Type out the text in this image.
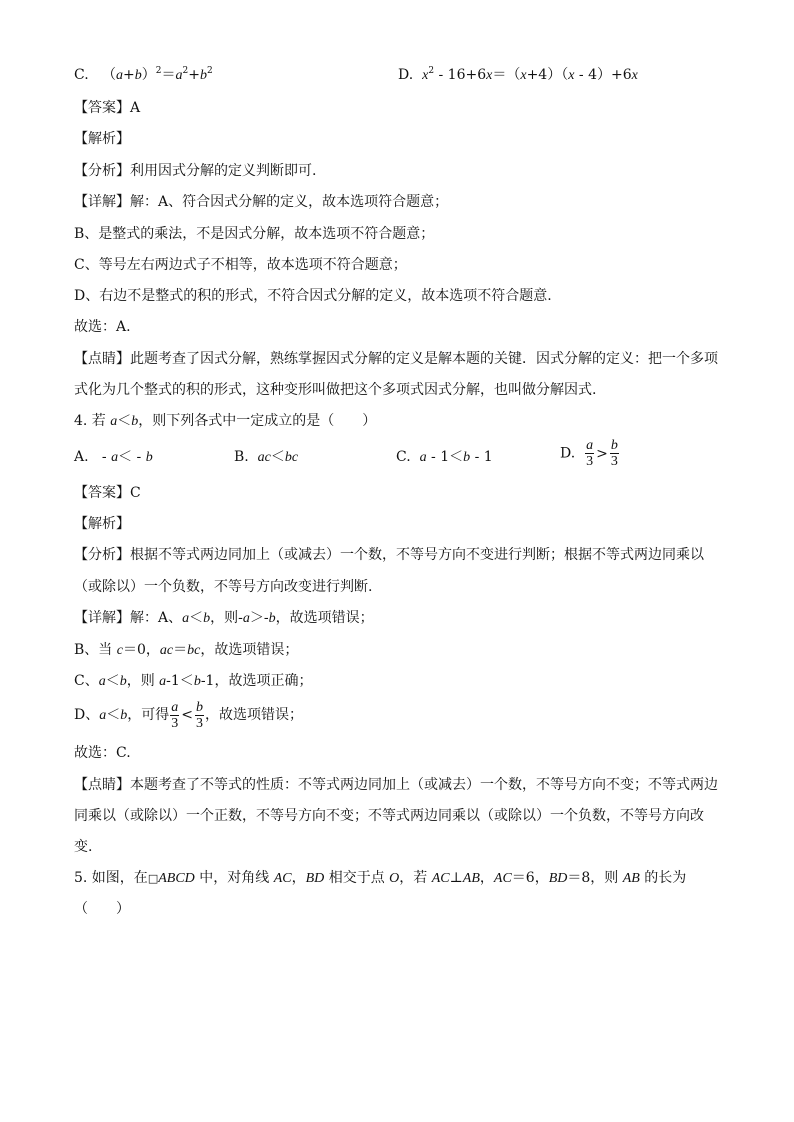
C. $(a+b)^2=a^2+b^2$	D. $x^2 - 16+6x=(x+4)(x - 4)+6x$
【答案】A
【解析】
【分析】利用因式分解的定义判断即可.
【详解】解：A、符合因式分解的定义，故本选项符合题意；
B、是整式的乘法，不是因式分解，故本选项不符合题意；
C、等号左右两边式子不相等，故本选项不符合题意；
D、右边不是整式的积的形式，不符合因式分解的定义，故本选项不符合题意.
故选：A.
【点睛】此题考查了因式分解，熟练掌握因式分解的定义是解本题的关键．因式分解的定义：把一个多项
式化为几个整式的积的形式，这种变形叫做把这个多项式因式分解，也叫做分解因式.
4. 若 a＜b，则下列各式中一定成立的是（　　）
A.   - a＜ - b	B. ac＜bc	C. a - 1＜b - 1	D. $\frac{a}{3} > \frac{b}{3}$
【答案】C
【解析】
【分析】根据不等式两边同加上（或减去）一个数，不等号方向不变进行判断；根据不等式两边同乘以
（或除以）一个负数，不等号方向改变进行判断.
【详解】解：A、a＜b，则-a＞-b，故选项错误；
B、当 c＝0，ac＝bc，故选项错误；
C、a＜b，则 a-1＜b-1，故选项正确；
D、a＜b，可得 $\frac{a}{3} < \frac{b}{3}$ ，故选项错误；
故选：C.
【点睛】本题考查了不等式的性质：不等式两边同加上（或减去）一个数，不等号方向不变；不等式两边
同乘以（或除以）一个正数，不等号方向不变；不等式两边同乘以（或除以）一个负数，不等号方向改
变.
5. 如图，在□ABCD 中，对角线 AC，BD 相交于点 O，若 AC⊥AB，AC＝6，BD＝8，则 AB 的长为
（　　）
